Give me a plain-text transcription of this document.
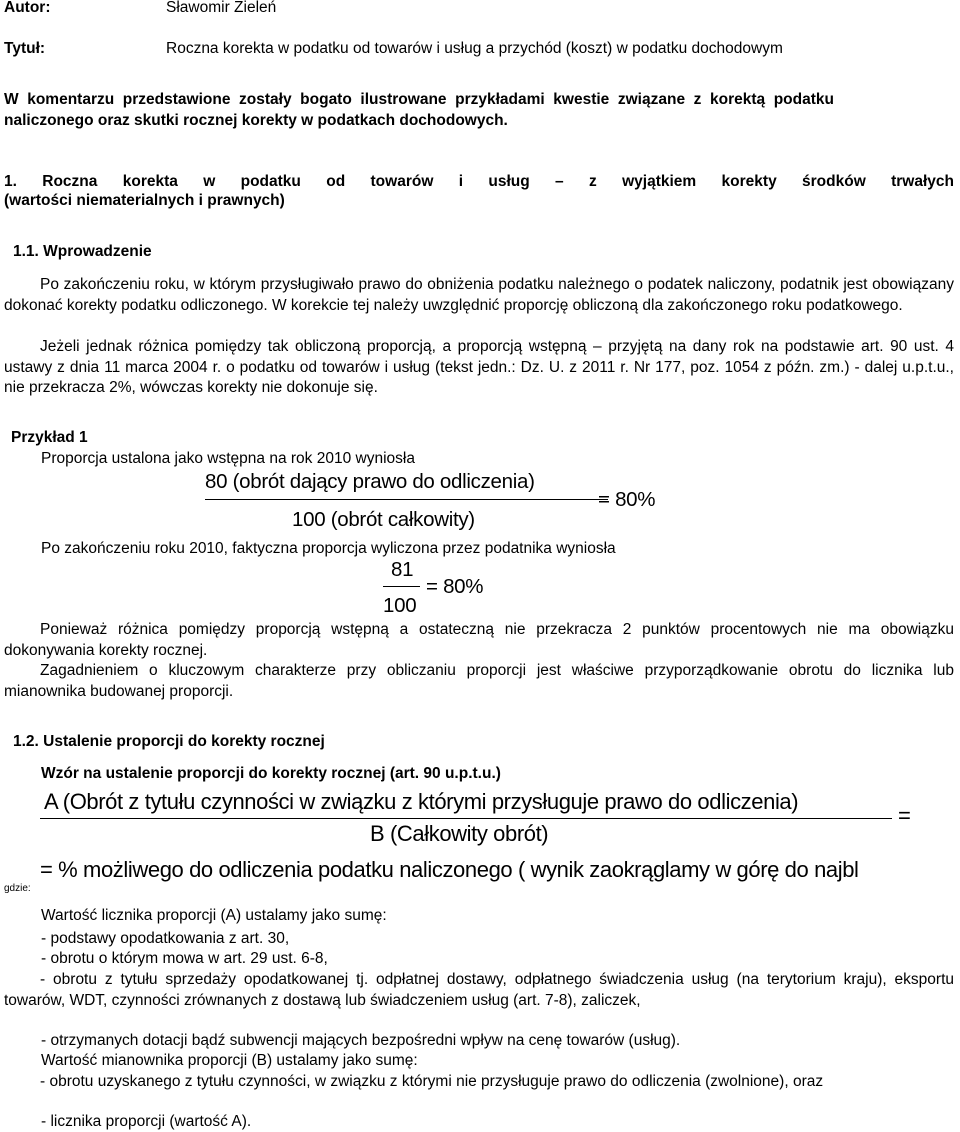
Autor:	Sławomir Zieleń
Tytuł:	Roczna korekta w podatku od towarów i usług a przychód (koszt) w podatku dochodowym
W komentarzu przedstawione zostały bogato ilustrowane przykładami kwestie związane z korektą podatku naliczonego oraz skutki rocznej korekty w podatkach dochodowych.
1. Roczna korekta w podatku od towarów i usług – z wyjątkiem korekty środków trwałych
(wartości niematerialnych i prawnych)
1.1. Wprowadzenie
Po zakończeniu roku, w którym przysługiwało prawo do obniżenia podatku należnego o podatek naliczony, podatnik jest obowiązany dokonać korekty podatku odliczonego. W korekcie tej należy uwzględnić proporcję obliczoną dla zakończonego roku podatkowego.
Jeżeli jednak różnica pomiędzy tak obliczoną proporcją, a proporcją wstępną – przyjętą na dany rok na podstawie art. 90 ust. 4 ustawy z dnia 11 marca 2004 r. o podatku od towarów i usług (tekst jedn.: Dz. U. z 2011 r. Nr 177, poz. 1054 z późn. zm.) - dalej u.p.t.u., nie przekracza 2%, wówczas korekty nie dokonuje się.
Przykład 1
Proporcja ustalona jako wstępna na rok 2010 wyniosła
80 (obrót dający prawo do odliczenia)
100 (obrót całkowity)
= 80%
Po zakończeniu roku 2010, faktyczna proporcja wyliczona przez podatnika wyniosła
81
100
= 80%
Ponieważ różnica pomiędzy proporcją wstępną a ostateczną nie przekracza 2 punktów procentowych nie ma obowiązku dokonywania korekty rocznej.
Zagadnieniem o kluczowym charakterze przy obliczaniu proporcji jest właściwe przyporządkowanie obrotu do licznika lub mianownika budowanej proporcji.
1.2. Ustalenie proporcji do korekty rocznej
Wzór na ustalenie proporcji do korekty rocznej (art. 90 u.p.t.u.)
A (Obrót z tytułu czynności w związku z którymi przysługuje prawo do odliczenia)
B (Całkowity obrót)
=
= % możliwego do odliczenia podatku naliczonego ( wynik zaokrąglamy w górę do najbl
gdzie:
Wartość licznika proporcji (A) ustalamy jako sumę:
- podstawy opodatkowania z art. 30,
- obrotu o którym mowa w art. 29 ust. 6-8,
- obrotu z tytułu sprzedaży opodatkowanej tj. odpłatnej dostawy, odpłatnego świadczenia usług (na terytorium kraju), eksportu towarów, WDT, czynności zrównanych z dostawą lub świadczeniem usług (art. 7-8), zaliczek,
- otrzymanych dotacji bądź subwencji mających bezpośredni wpływ na cenę towarów (usług).
Wartość mianownika proporcji (B) ustalamy jako sumę:
- obrotu uzyskanego z tytułu czynności, w związku z którymi nie przysługuje prawo do odliczenia (zwolnione), oraz
- licznika proporcji (wartość A).
